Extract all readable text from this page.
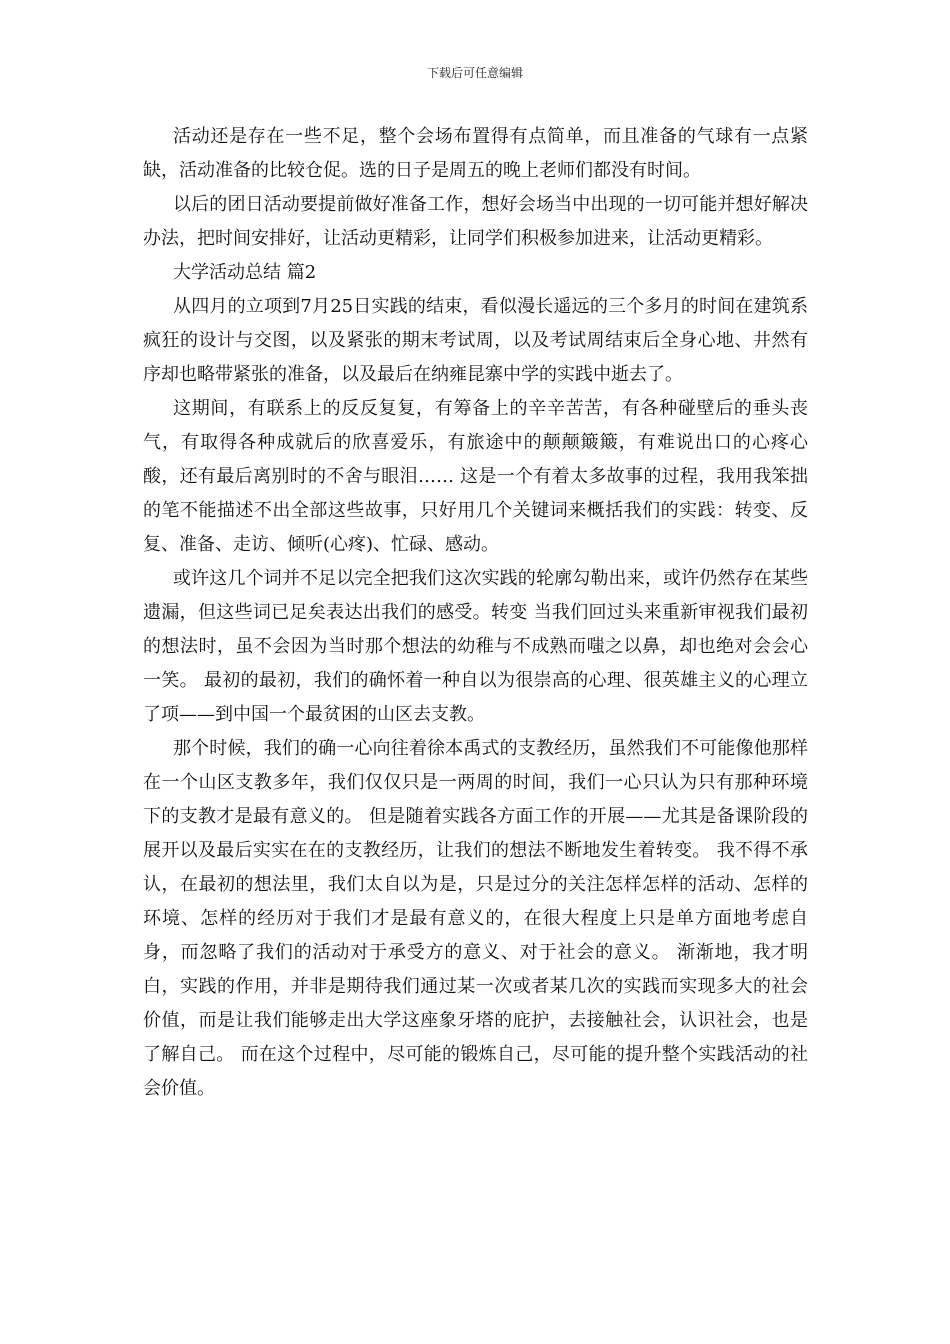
下载后可任意编辑

活动还是存在一些不足，整个会场布置得有点简单，而且准备的气球有一点紧缺，活动准备的比较仓促。选的日子是周五的晚上老师们都没有时间。

以后的团日活动要提前做好准备工作，想好会场当中出现的一切可能并想好解决办法，把时间安排好，让活动更精彩，让同学们积极参加进来，让活动更精彩。

大学活动总结 篇2

从四月的立项到7月25日实践的结束，看似漫长遥远的三个多月的时间在建筑系疯狂的设计与交图，以及紧张的期末考试周，以及考试周结束后全身心地、井然有序却也略带紧张的准备，以及最后在纳雍昆寨中学的实践中逝去了。

这期间，有联系上的反反复复，有筹备上的辛辛苦苦，有各种碰壁后的垂头丧气，有取得各种成就后的欣喜爱乐，有旅途中的颠颠簸簸，有难说出口的心疼心酸，还有最后离别时的不舍与眼泪…… 这是一个有着太多故事的过程，我用我笨拙的笔不能描述不出全部这些故事，只好用几个关键词来概括我们的实践：转变、反复、准备、走访、倾听(心疼)、忙碌、感动。

或许这几个词并不足以完全把我们这次实践的轮廓勾勒出来，或许仍然存在某些遗漏，但这些词已足矣表达出我们的感受。转变 当我们回过头来重新审视我们最初的想法时，虽不会因为当时那个想法的幼稚与不成熟而嗤之以鼻，却也绝对会会心一笑。 最初的最初，我们的确怀着一种自以为很崇高的心理、很英雄主义的心理立了项——到中国一个最贫困的山区去支教。

那个时候，我们的确一心向往着徐本禹式的支教经历，虽然我们不可能像他那样在一个山区支教多年，我们仅仅只是一两周的时间，我们一心只认为只有那种环境下的支教才是最有意义的。 但是随着实践各方面工作的开展——尤其是备课阶段的展开以及最后实实在在的支教经历，让我们的想法不断地发生着转变。 我不得不承认，在最初的想法里，我们太自以为是，只是过分的关注怎样怎样的活动、怎样的环境、怎样的经历对于我们才是最有意义的，在很大程度上只是单方面地考虑自身，而忽略了我们的活动对于承受方的意义、对于社会的意义。 渐渐地，我才明白，实践的作用，并非是期待我们通过某一次或者某几次的实践而实现多大的社会价值，而是让我们能够走出大学这座象牙塔的庇护，去接触社会，认识社会，也是了解自己。 而在这个过程中，尽可能的锻炼自己，尽可能的提升整个实践活动的社会价值。
